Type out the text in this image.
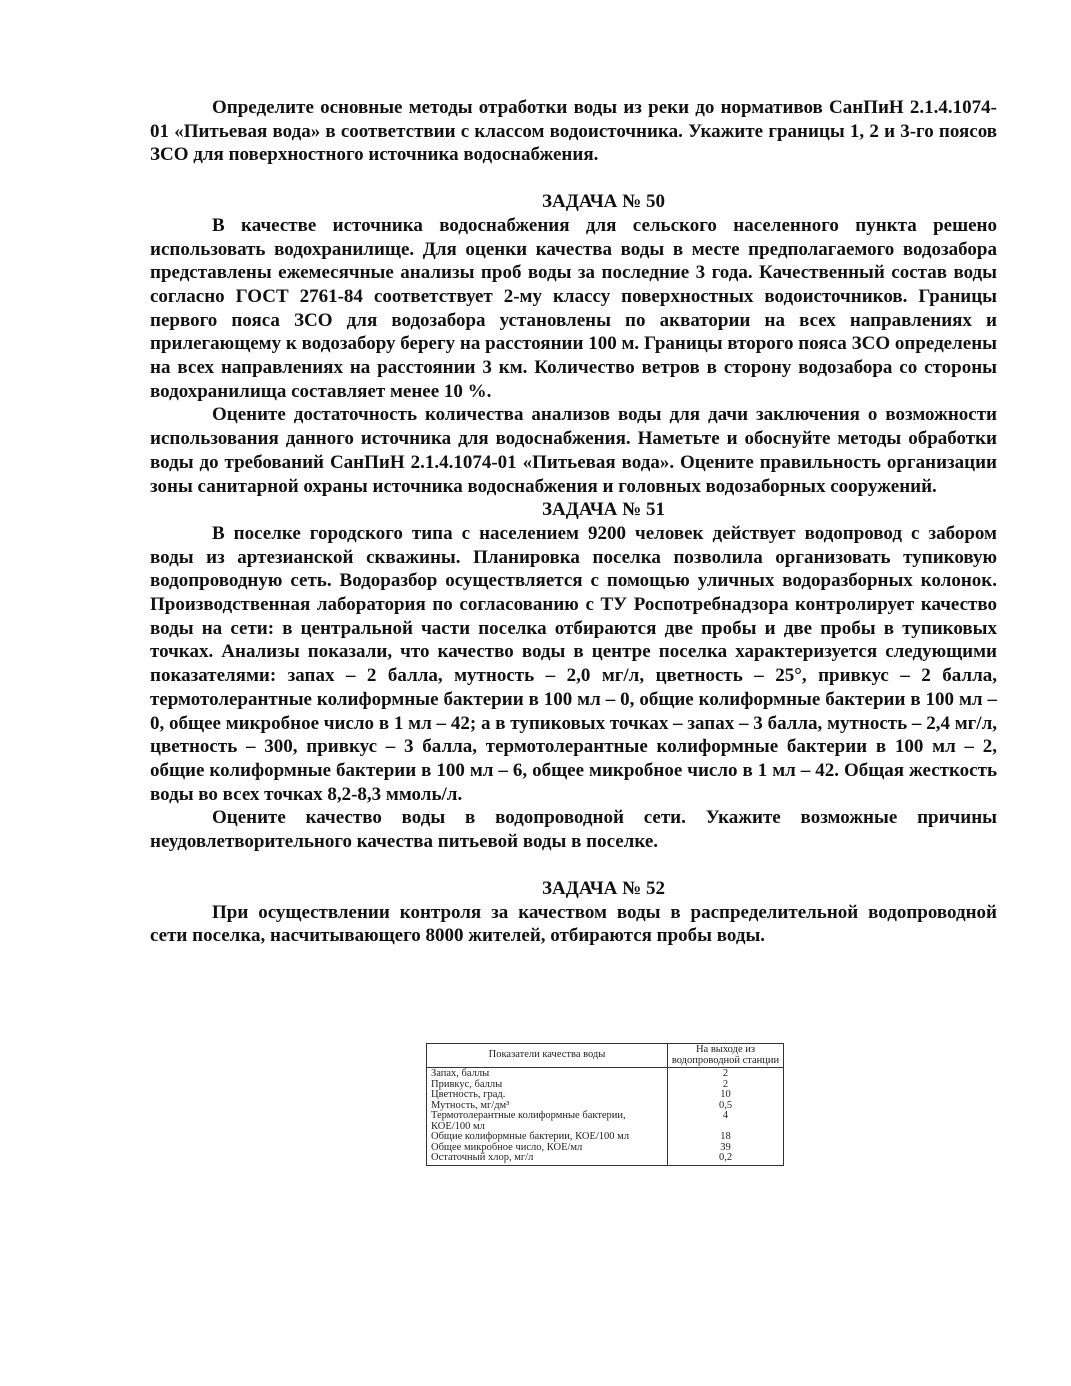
Определите основные методы отработки воды из реки до нормативов СанПиН 2.1.4.1074-01 «Питьевая вода» в соответствии с классом водоисточника. Укажите границы 1, 2 и 3-го поясов ЗСО для поверхностного источника водоснабжения.

ЗАДАЧА № 50

В качестве источника водоснабжения для сельского населенного пункта решено использовать водохранилище. Для оценки качества воды в месте предполагаемого водозабора представлены ежемесячные анализы проб воды за последние 3 года. Качественный состав воды согласно ГОСТ 2761-84 соответствует 2-му классу поверхностных водоисточников. Границы первого пояса ЗСО для водозабора установлены по акватории на всех направлениях и прилегающему к водозабору берегу на расстоянии 100 м. Границы второго пояса ЗСО определены на всех направлениях на расстоянии 3 км. Количество ветров в сторону водозабора со стороны водохранилища составляет менее 10 %.

Оцените достаточность количества анализов воды для дачи заключения о возможности использования данного источника для водоснабжения. Наметьте и обоснуйте методы обработки воды до требований СанПиН 2.1.4.1074-01 «Питьевая вода». Оцените правильность организации зоны санитарной охраны источника водоснабжения и головных водозаборных сооружений.

ЗАДАЧА № 51

В поселке городского типа с населением 9200 человек действует водопровод с забором воды из артезианской скважины. Планировка поселка позволила организовать тупиковую водопроводную сеть. Водоразбор осуществляется с помощью уличных водоразборных колонок. Производственная лаборатория по согласованию с ТУ Роспотребнадзора контролирует качество воды на сети: в центральной части поселка отбираются две пробы и две пробы в тупиковых точках. Анализы показали, что качество воды в центре поселка характеризуется следующими показателями: запах – 2 балла, мутность – 2,0 мг/л, цветность – 25°, привкус – 2 балла, термотолерантные колиформные бактерии в 100 мл – 0, общие колиформные бактерии в 100 мл – 0, общее микробное число в 1 мл – 42; а в тупиковых точках – запах – 3 балла, мутность – 2,4 мг/л, цветность – 300, привкус – 3 балла, термотолерантные колиформные бактерии в 100 мл – 2, общие колиформные бактерии в 100 мл – 6, общее микробное число в 1 мл – 42. Общая жесткость воды во всех точках 8,2-8,3 ммоль/л.

Оцените качество воды в водопроводной сети. Укажите возможные причины неудовлетворительного качества питьевой воды в поселке.

ЗАДАЧА № 52

При осуществлении контроля за качеством воды в распределительной водопроводной сети поселка, насчитывающего 8000 жителей, отбираются пробы воды.

Показатели качества воды	На выходе из водопроводной станции
Запах, баллы	2
Привкус, баллы	2
Цветность, град.	10
Мутность, мг/дм³	0,5
Термотолерантные колиформные бактерии, КОЕ/100 мл	4
Общие колиформные бактерии, КОЕ/100 мл	18
Общее микробное число, КОЕ/мл	39
Остаточный хлор, мг/л	0,2
